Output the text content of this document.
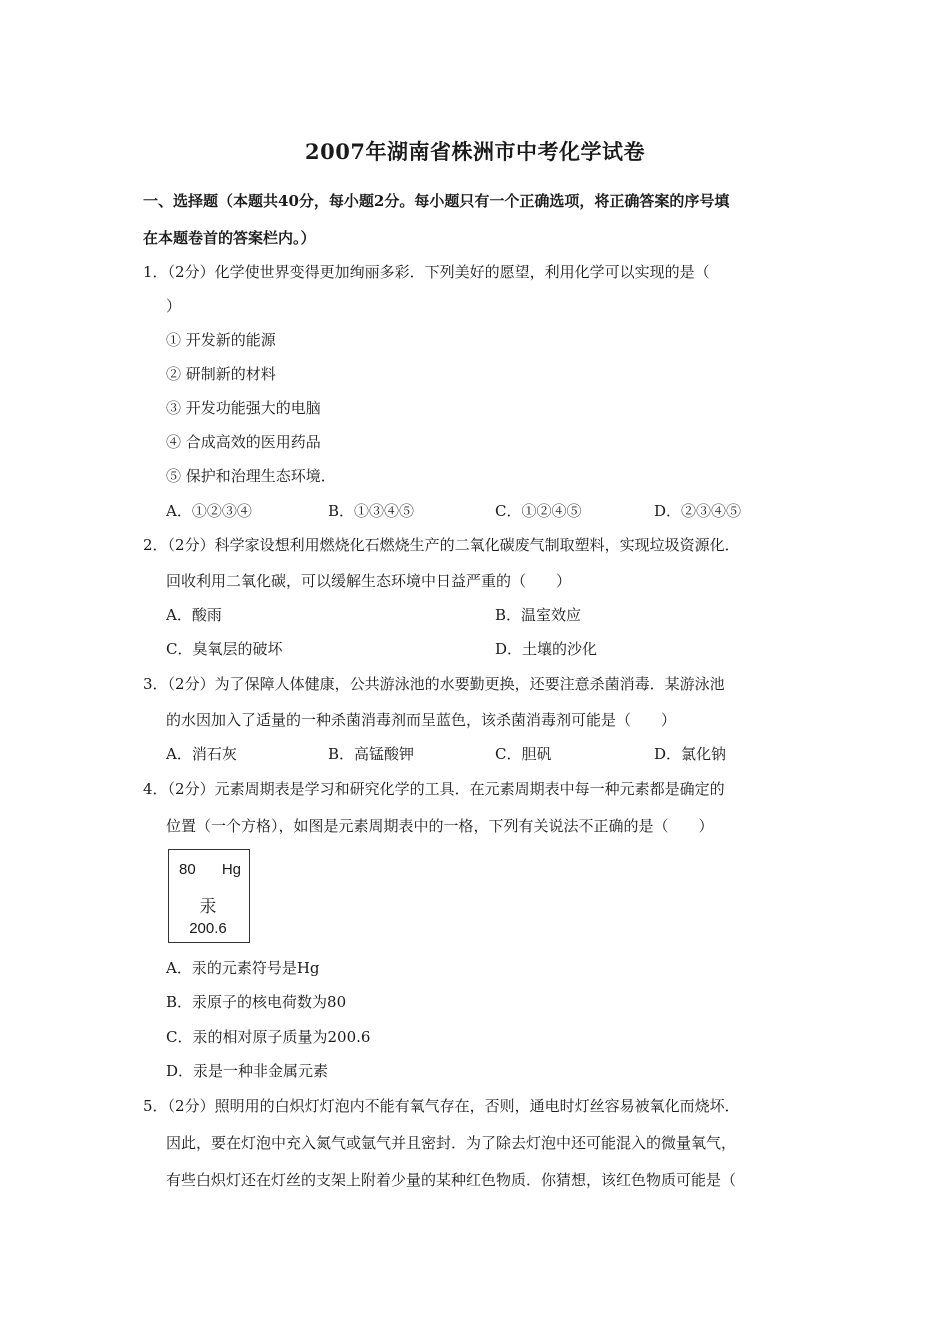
2007年湖南省株洲市中考化学试卷
一、选择题（本题共40分，每小题2分。每小题只有一个正确选项，将正确答案的序号填
在本题卷首的答案栏内。）
1．（2分）化学使世界变得更加绚丽多彩．下列美好的愿望，利用化学可以实现的是（
）
① 开发新的能源
② 研制新的材料
③ 开发功能强大的电脑
④ 合成高效的医用药品
⑤ 保护和治理生态环境．
A．①②③④	B．①③④⑤	C．①②④⑤	D．②③④⑤
2．（2分）科学家设想利用燃烧化石燃烧生产的二氧化碳废气制取塑料，实现垃圾资源化．
回收利用二氧化碳，可以缓解生态环境中日益严重的（　　）
A．酸雨	B．温室效应
C．臭氧层的破坏	D．土壤的沙化
3．（2分）为了保障人体健康，公共游泳池的水要勤更换，还要注意杀菌消毒．某游泳池
的水因加入了适量的一种杀菌消毒剂而呈蓝色，该杀菌消毒剂可能是（　　）
A．消石灰	B．高锰酸钾	C．胆矾	D．氯化钠
4．（2分）元素周期表是学习和研究化学的工具．在元素周期表中每一种元素都是确定的
位置（一个方格），如图是元素周期表中的一格，下列有关说法不正确的是（　　）
80 Hg
汞
200.6
A．汞的元素符号是Hg
B．汞原子的核电荷数为80
C．汞的相对原子质量为200.6
D．汞是一种非金属元素
5．（2分）照明用的白炽灯灯泡内不能有氧气存在，否则，通电时灯丝容易被氧化而烧坏．
因此，要在灯泡中充入氮气或氩气并且密封．为了除去灯泡中还可能混入的微量氧气，
有些白炽灯还在灯丝的支架上附着少量的某种红色物质．你猜想，该红色物质可能是（
